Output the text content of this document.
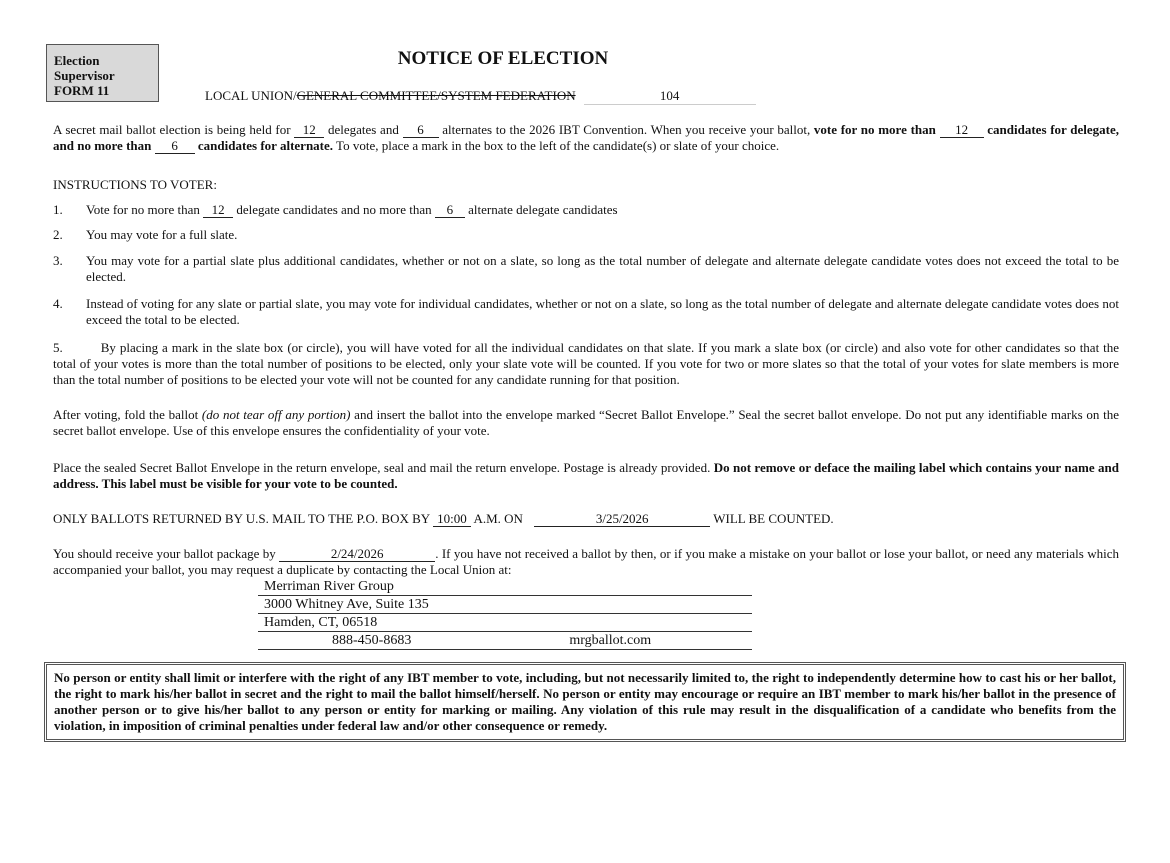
Election
Supervisor
FORM 11
NOTICE OF ELECTION
LOCAL UNION/GENERAL COMMITTEE/SYSTEM FEDERATION	104
A secret mail ballot election is being held for 12 delegates and 6 alternates to the 2026 IBT Convention. When you receive your ballot, vote for no more than 12 candidates for delegate, and no more than 6 candidates for alternate. To vote, place a mark in the box to the left of the candidate(s) or slate of your choice.
INSTRUCTIONS TO VOTER:
1. Vote for no more than 12 delegate candidates and no more than 6 alternate delegate candidates
2. You may vote for a full slate.
3. You may vote for a partial slate plus additional candidates, whether or not on a slate, so long as the total number of delegate and alternate delegate candidate votes does not exceed the total to be elected.
4. Instead of voting for any slate or partial slate, you may vote for individual candidates, whether or not on a slate, so long as the total number of delegate and alternate delegate candidate votes does not exceed the total to be elected.
5.	By placing a mark in the slate box (or circle), you will have voted for all the individual candidates on that slate. If you mark a slate box (or circle) and also vote for other candidates so that the total of your votes is more than the total number of positions to be elected, only your slate vote will be counted. If you vote for two or more slates so that the total of your votes for slate members is more than the total number of positions to be elected your vote will not be counted for any candidate running for that position.
After voting, fold the ballot (do not tear off any portion) and insert the ballot into the envelope marked “Secret Ballot Envelope.” Seal the secret ballot envelope. Do not put any identifiable marks on the secret ballot envelope. Use of this envelope ensures the confidentiality of your vote.
Place the sealed Secret Ballot Envelope in the return envelope, seal and mail the return envelope. Postage is already provided. Do not remove or deface the mailing label which contains your name and address. This label must be visible for your vote to be counted.
ONLY BALLOTS RETURNED BY U.S. MAIL TO THE P.O. BOX BY 10:00 A.M. ON	3/25/2026	WILL BE COUNTED.
You should receive your ballot package by	2/24/2026	. If you have not received a ballot by then, or if you make a mistake on your ballot or lose your ballot, or need any materials which accompanied your ballot, you may request a duplicate by contacting the Local Union at:
Merriman River Group
3000 Whitney Ave, Suite 135
Hamden, CT, 06518
888-450-8683	mrgballot.com
No person or entity shall limit or interfere with the right of any IBT member to vote, including, but not necessarily limited to, the right to independently determine how to cast his or her ballot, the right to mark his/her ballot in secret and the right to mail the ballot himself/herself. No person or entity may encourage or require an IBT member to mark his/her ballot in the presence of another person or to give his/her ballot to any person or entity for marking or mailing. Any violation of this rule may result in the disqualification of a candidate who benefits from the violation, in imposition of criminal penalties under federal law and/or other consequence or remedy.
